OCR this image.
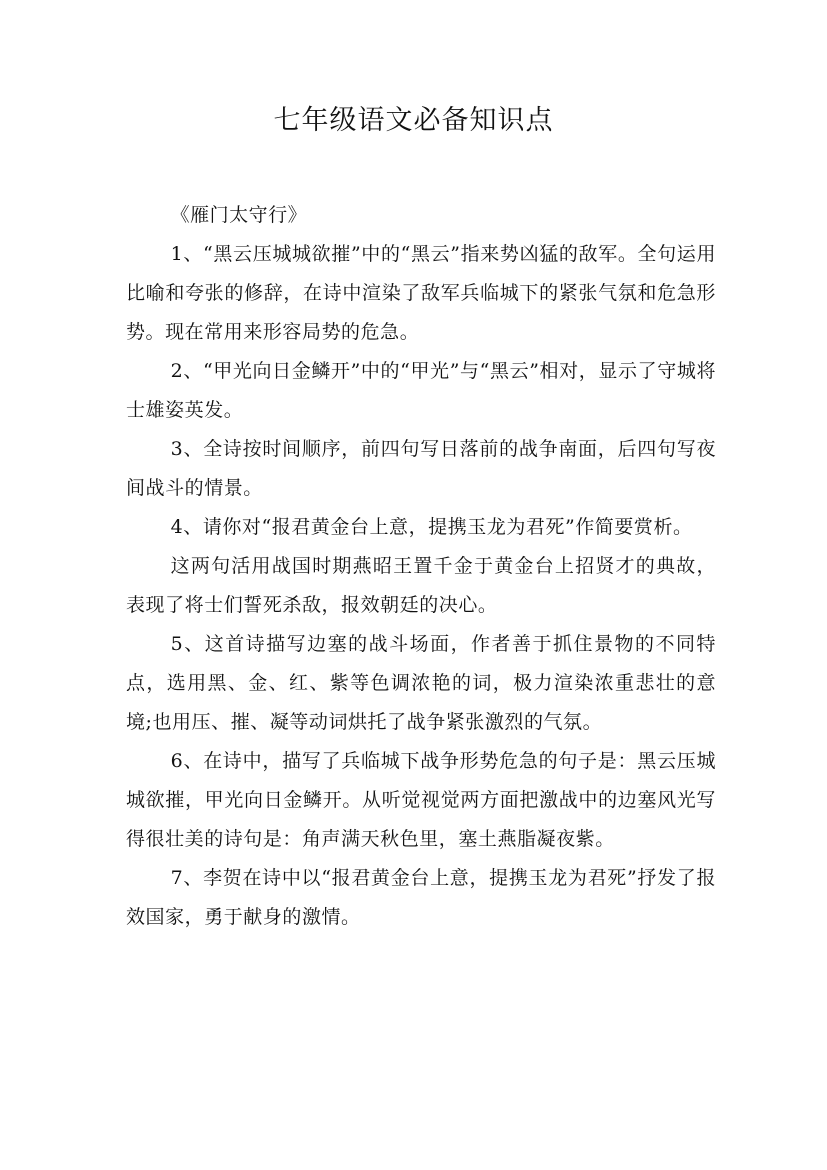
七年级语文必备知识点

《雁门太守行》

1、“黑云压城城欲摧”中的“黑云”指来势凶猛的敌军。全句运用比喻和夸张的修辞，在诗中渲染了敌军兵临城下的紧张气氛和危急形势。现在常用来形容局势的危急。

2、“甲光向日金鳞开”中的“甲光”与“黑云”相对，显示了守城将士雄姿英发。

3、全诗按时间顺序，前四句写日落前的战争南面，后四句写夜间战斗的情景。

4、请你对“报君黄金台上意，提携玉龙为君死”作简要赏析。

这两句活用战国时期燕昭王置千金于黄金台上招贤才的典故，表现了将士们誓死杀敌，报效朝廷的决心。

5、这首诗描写边塞的战斗场面，作者善于抓住景物的不同特点，选用黑、金、红、紫等色调浓艳的词，极力渲染浓重悲壮的意境;也用压、摧、凝等动词烘托了战争紧张激烈的气氛。

6、在诗中，描写了兵临城下战争形势危急的句子是：黑云压城城欲摧，甲光向日金鳞开。从听觉视觉两方面把激战中的边塞风光写得很壮美的诗句是：角声满天秋色里，塞土燕脂凝夜紫。

7、李贺在诗中以“报君黄金台上意，提携玉龙为君死”抒发了报效国家，勇于献身的激情。
